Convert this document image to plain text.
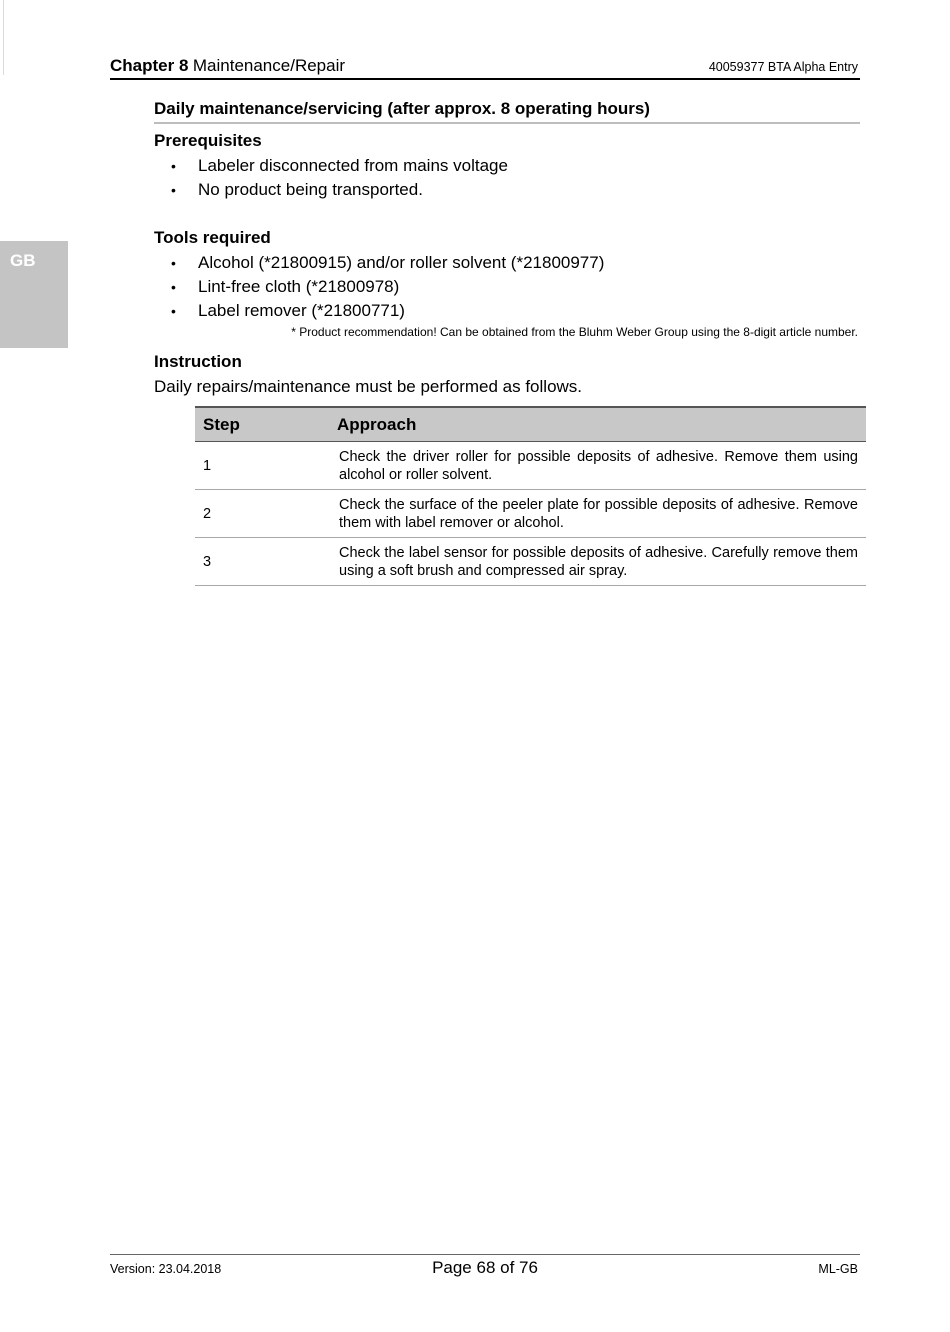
GB
Chapter 8 Maintenance/Repair	40059377 BTA Alpha Entry
Daily maintenance/servicing (after approx. 8 operating hours)
Prerequisites
• Labeler disconnected from mains voltage
• No product being transported.
Tools required
• Alcohol (*21800915) and/or roller solvent (*21800977)
• Lint-free cloth (*21800978)
• Label remover (*21800771)
* Product recommendation! Can be obtained from the Bluhm Weber Group using the 8-digit article number.
Instruction
Daily repairs/maintenance must be performed as follows.
Step	Approach
1	Check the driver roller for possible deposits of adhesive. Remove them using alcohol or roller solvent.
2	Check the surface of the peeler plate for possible deposits of adhesive. Remove them with label remover or alcohol.
3	Check the label sensor for possible deposits of adhesive. Carefully remove them using a soft brush and compressed air spray.
Version: 23.04.2018	Page 68 of 76	ML-GB
